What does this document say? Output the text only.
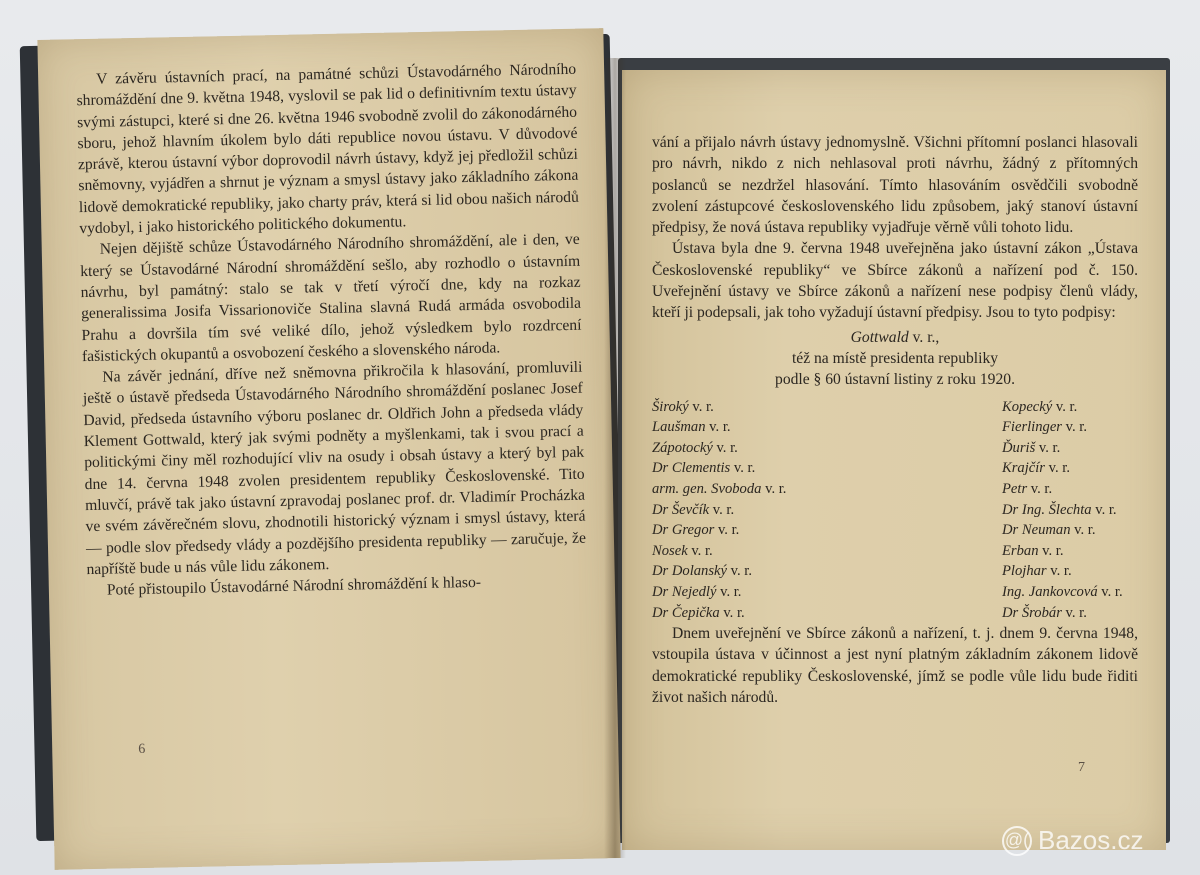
V závěru ústavních prací, na památné schůzi Ústavodárného Národního shromáždění dne 9. května 1948, vyslovil se pak lid o definitivním textu ústavy svými zástupci, které si dne 26. května 1946 svobodně zvolil do zákonodárného sboru, jehož hlavním úkolem bylo dáti republice novou ústavu. V důvodové zprávě, kterou ústavní výbor doprovodil návrh ústavy, když jej předložil schůzi sněmovny, vyjádřen a shrnut je význam a smysl ústavy jako základního zákona lidově demokratické republiky, jako charty práv, která si lid obou našich národů vydobyl, i jako historického politického dokumentu.

Nejen dějiště schůze Ústavodárného Národního shromáždění, ale i den, ve který se Ústavodárné Národní shromáždění sešlo, aby rozhodlo o ústavním návrhu, byl památný: stalo se tak v třetí výročí dne, kdy na rozkaz generalissima Josifa Vissarionoviče Stalina slavná Rudá armáda osvobodila Prahu a dovršila tím své veliké dílo, jehož výsledkem bylo rozdrcení fašistických okupantů a osvobození českého a slovenského národa.

Na závěr jednání, dříve než sněmovna přikročila k hlasování, promluvili ještě o ústavě předseda Ústavodárného Národního shromáždění poslanec Josef David, předseda ústavního výboru poslanec dr. Oldřich John a předseda vlády Klement Gottwald, který jak svými podněty a myšlenkami, tak i svou prací a politickými činy měl rozhodující vliv na osudy i obsah ústavy a který byl pak dne 14. června 1948 zvolen presidentem republiky Československé. Tito mluvčí, právě tak jako ústavní zpravodaj poslanec prof. dr. Vladimír Procházka ve svém závěrečném slovu, zhodnotili historický význam i smysl ústavy, která — podle slov předsedy vlády a pozdějšího presidenta republiky — zaručuje, že napříště bude u nás vůle lidu zákonem.

Poté přistoupilo Ústavodárné Národní shromáždění k hlaso-

6

vání a přijalo návrh ústavy jednomyslně. Všichni přítomní poslanci hlasovali pro návrh, nikdo z nich nehlasoval proti návrhu, žádný z přítomných poslanců se nezdržel hlasování. Tímto hlasováním osvědčili svobodně zvolení zástupcové československého lidu způsobem, jaký stanoví ústavní předpisy, že nová ústava republiky vyjadřuje věrně vůli tohoto lidu.

Ústava byla dne 9. června 1948 uveřejněna jako ústavní zákon „Ústava Československé republiky“ ve Sbírce zákonů a nařízení pod č. 150. Uveřejnění ústavy ve Sbírce zákonů a nařízení nese podpisy členů vlády, kteří ji podepsali, jak toho vyžadují ústavní předpisy. Jsou to tyto podpisy:

Gottwald v. r.,
též na místě presidenta republiky
podle § 60 ústavní listiny z roku 1920.
Široký v. r.	Kopecký v. r.
Laušman v. r.	Fierlinger v. r.
Zápotocký v. r.	Ďuriš v. r.
Dr Clementis v. r.	Krajčír v. r.
arm. gen. Svoboda v. r.	Petr v. r.
Dr Ševčík v. r.	Dr Ing. Šlechta v. r.
Dr Gregor v. r.	Dr Neuman v. r.
Nosek v. r.	Erban v. r.
Dr Dolanský v. r.	Plojhar v. r.
Dr Nejedlý v. r.	Ing. Jankovcová v. r.
Dr Čepička v. r.	Dr Šrobár v. r.

Dnem uveřejnění ve Sbírce zákonů a nařízení, t. j. dnem 9. června 1948, vstoupila ústava v účinnost a jest nyní platným základním zákonem lidově demokratické republiky Československé, jímž se podle vůle lidu bude řiditi život našich národů.

7
@( Bazos.cz
